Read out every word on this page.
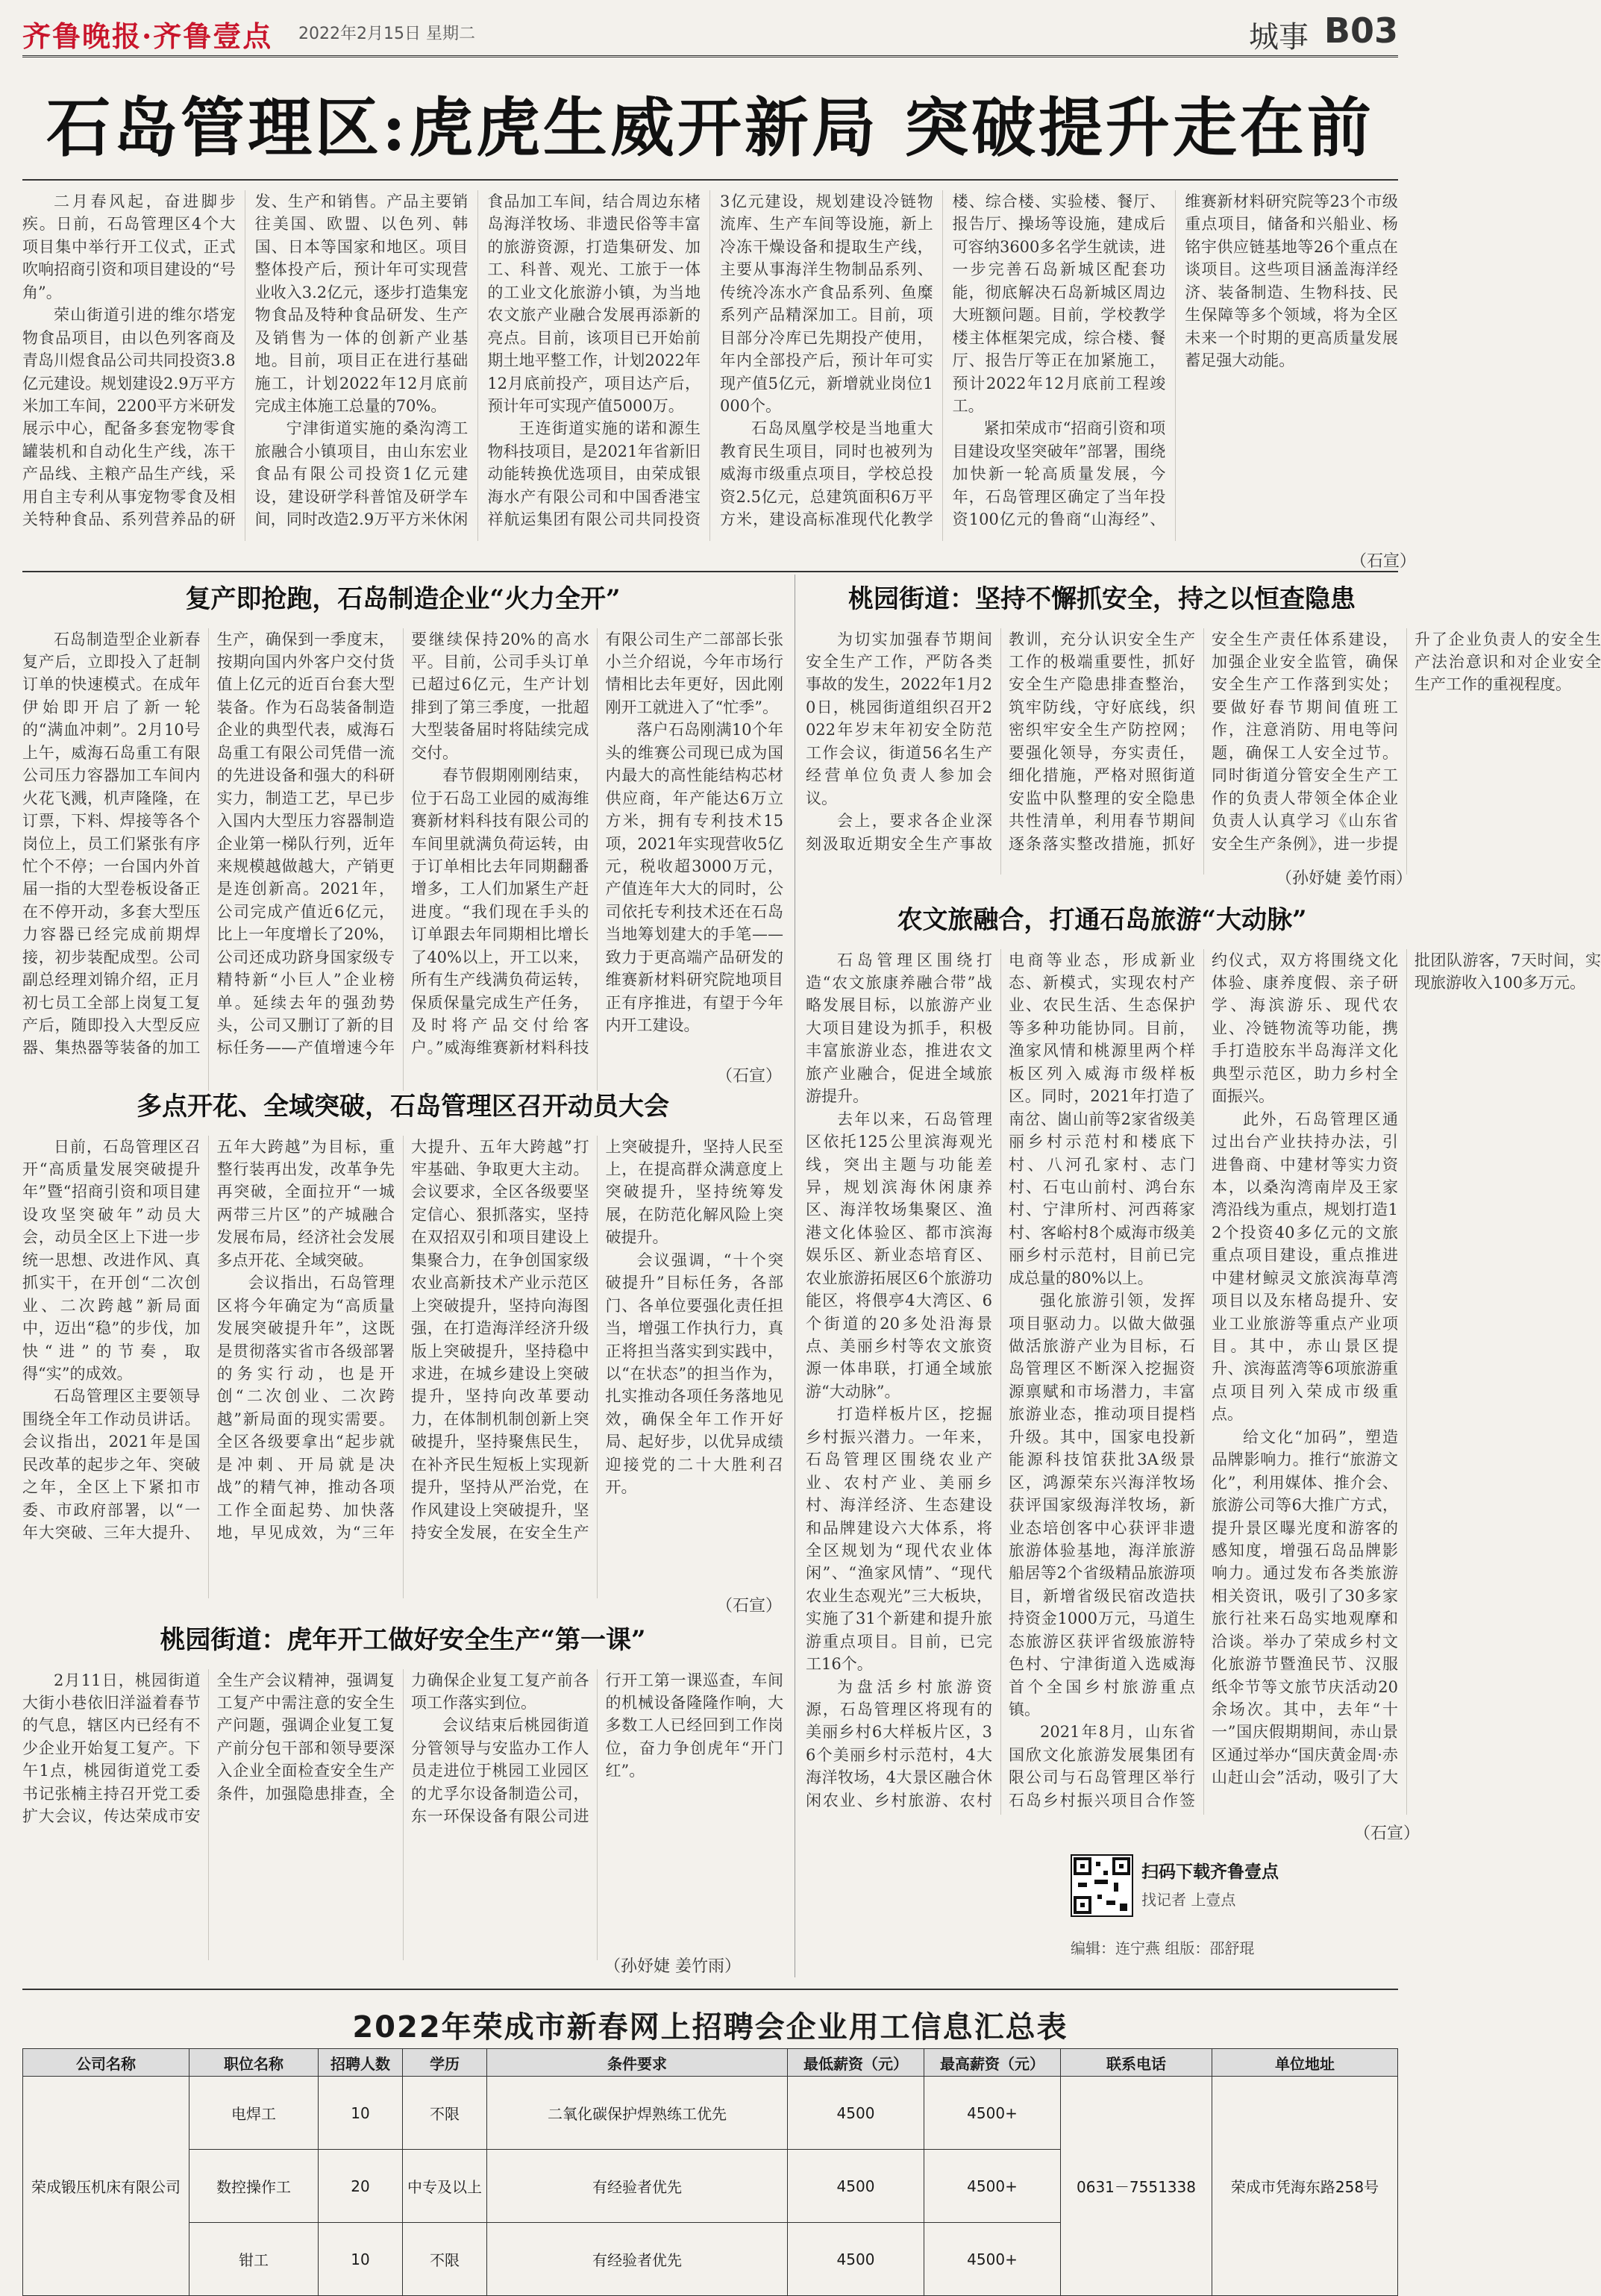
齐鲁晚报·齐鲁壹点 2022年2月15日 星期二	城事 B03
石岛管理区:虎虎生威开新局 突破提升走在前

二月春风起，奋进脚步疾。日前，石岛管理区4个大项目集中举行开工仪式，正式吹响招商引资和项目建设的“号角”。

荣山街道引进的维尔塔宠物食品项目，由以色列客商及青岛川煜食品公司共同投资3.8亿元建设。规划建设2.9万平方米加工车间，2200平方米研发展示中心，配备多套宠物零食罐装机和自动化生产线，冻干产品线、主粮产品生产线，采用自主专利从事宠物零食及相关特种食品、系列营养品的研发、生产和销售。产品主要销往美国、欧盟、以色列、韩国、日本等国家和地区。项目整体投产后，预计年可实现营业收入3.2亿元，逐步打造集宠物食品及特种食品研发、生产及销售为一体的创新产业基地。目前，项目正在进行基础施工，计划2022年12月底前完成主体施工总量的70%。

宁津街道实施的桑沟湾工旅融合小镇项目，由山东宏业食品有限公司投资1亿元建设，建设研学科普馆及研学车间，同时改造2.9万平方米休闲食品加工车间，结合周边东楮岛海洋牧场、非遗民俗等丰富的旅游资源，打造集研发、加工、科普、观光、工旅于一体的工业文化旅游小镇，为当地农文旅产业融合发展再添新的亮点。目前，该项目已开始前期土地平整工作，计划2022年12月底前投产，项目达产后，预计年可实现产值5000万。

王连街道实施的诺和源生物科技项目，是2021年省新旧动能转换优选项目，由荣成银海水产有限公司和中国香港宝祥航运集团有限公司共同投资3亿元建设，规划建设冷链物流库、生产车间等设施，新上冷冻干燥设备和提取生产线，主要从事海洋生物制品系列、传统冷冻水产食品系列、鱼糜系列产品精深加工。目前，项目部分冷库已先期投产使用，年内全部投产后，预计年可实现产值5亿元，新增就业岗位1000个。

石岛凤凰学校是当地重大教育民生项目，同时也被列为威海市级重点项目，学校总投资2.5亿元，总建筑面积6万平方米，建设高标准现代化教学楼、综合楼、实验楼、餐厅、报告厅、操场等设施，建成后可容纳3600多名学生就读，进一步完善石岛新城区配套功能，彻底解决石岛新城区周边大班额问题。目前，学校教学楼主体框架完成，综合楼、餐厅、报告厅等正在加紧施工，预计2022年12月底前工程竣工。

紧扣荣成市“招商引资和项目建设攻坚突破年”部署，围绕加快新一轮高质量发展，今年，石岛管理区确定了当年投资100亿元的鲁商“山海经”、维赛新材料研究院等23个市级重点项目，储备和兴船业、杨铭宇供应链基地等26个重点在谈项目。这些项目涵盖海洋经济、装备制造、生物科技、民生保障等多个领域，将为全区未来一个时期的更高质量发展蓄足强大动能。

（石宣）
复产即抢跑，石岛制造企业“火力全开”

石岛制造型企业新春复产后，立即投入了赶制订单的快速模式。在成年伊始即开启了新一轮的“满血冲刺”。2月10号上午，威海石岛重工有限公司压力容器加工车间内火花飞溅，机声隆隆，在订票，下料、焊接等各个岗位上，员工们紧张有序忙个不停；一台国内外首届一指的大型卷板设备正在不停开动，多套大型压力容器已经完成前期焊接，初步装配成型。公司副总经理刘锦介绍，正月初七员工全部上岗复工复产后，随即投入大型反应器、集热器等装备的加工生产，确保到一季度末，按期向国内外客户交付货值上亿元的近百台套大型装备。作为石岛装备制造企业的典型代表，威海石岛重工有限公司凭借一流的先进设备和强大的科研实力，制造工艺，早已步入国内大型压力容器制造企业第一梯队行列，近年来规模越做越大，产销更是连创新高。2021年，公司完成产值近6亿元，比上一年度增长了20%，公司还成功跻身国家级专精特新“小巨人”企业榜单。延续去年的强劲势头，公司又删订了新的目标任务——产值增速今年要继续保持20%的高水平。目前，公司手头订单已超过6亿元，生产计划排到了第三季度，一批超大型装备届时将陆续完成交付。

春节假期刚刚结束，位于石岛工业园的威海维赛新材料科技有限公司的车间里就满负荷运转，由于订单相比去年同期翻番增多，工人们加紧生产赶进度。“我们现在手头的订单跟去年同期相比增长了40%以上，开工以来，所有生产线满负荷运转，保质保量完成生产任务，及时将产品交付给客户。”威海维赛新材料科技有限公司生产二部部长张小兰介绍说，今年市场行情相比去年更好，因此刚刚开工就进入了“忙季”。

落户石岛刚满10个年头的维赛公司现已成为国内最大的高性能结构芯材供应商，年产能达6万立方米，拥有专利技术15项，2021年实现营收5亿元，税收超3000万元，产值连年大大的同时，公司依托专利技术还在石岛当地筹划建大的手笔——致力于更高端产品研发的维赛新材料研究院地项目正有序推进，有望于今年内开工建设。

（石宣）
桃园街道：坚持不懈抓安全，持之以恒查隐患

为切实加强春节期间安全生产工作，严防各类事故的发生，2022年1月20日，桃园街道组织召开2022年岁末年初安全防范工作会议，街道56名生产经营单位负责人参加会议。

会上，要求各企业深刻汲取近期安全生产事故教训，充分认识安全生产工作的极端重要性，抓好安全生产隐患排查整治，筑牢防线，守好底线，织密织牢安全生产防控网；要强化领导，夯实责任，细化措施，严格对照街道安监中队整理的安全隐患共性清单，利用春节期间逐条落实整改措施，抓好安全生产责任体系建设，加强企业安全监管，确保安全生产工作落到实处；要做好春节期间值班工作，注意消防、用电等问题，确保工人安全过节。同时街道分管安全生产工作的负责人带领全体企业负责人认真学习《山东省安全生产条例》，进一步提升了企业负责人的安全生产法治意识和对企业安全生产工作的重视程度。

（孙妤婕 姜竹雨）
农文旅融合，打通石岛旅游“大动脉”

石岛管理区围绕打造“农文旅康养融合带”战略发展目标，以旅游产业大项目建设为抓手，积极丰富旅游业态，推进农文旅产业融合，促进全域旅游提升。

去年以来，石岛管理区依托125公里滨海观光线，突出主题与功能差异，规划滨海休闲康养区、海洋牧场集聚区、渔港文化体验区、都市滨海娱乐区、新业态培育区、农业旅游拓展区6个旅游功能区，将偎亭4大湾区、6个街道的20多处沿海景点、美丽乡村等农文旅资源一体串联，打通全域旅游“大动脉”。

打造样板片区，挖掘乡村振兴潜力。一年来，石岛管理区围绕农业产业、农村产业、美丽乡村、海洋经济、生态建设和品牌建设六大体系，将全区规划为“现代农业体闲”、“渔家风情”、“现代农业生态观光”三大板块，实施了31个新建和提升旅游重点项目。目前，已完工16个。

为盘活乡村旅游资源，石岛管理区将现有的美丽乡村6大样板片区，36个美丽乡村示范村，4大海洋牧场，4大景区融合休闲农业、乡村旅游、农村电商等业态，形成新业态、新模式，实现农村产业、农民生活、生态保护等多种功能协同。目前，渔家风情和桃源里两个样板区列入威海市级样板区。同时，2021年打造了南岔、崮山前等2家省级美丽乡村示范村和楼底下村、八河孔家村、志门村、石屯山前村、鸿台东村、宁津所村、河西蒋家村、客峪村8个威海市级美丽乡村示范村，目前已完成总量的80%以上。

强化旅游引领，发挥项目驱动力。以做大做强做活旅游产业为目标，石岛管理区不断深入挖掘资源禀赋和市场潜力，丰富旅游业态，推动项目提档升级。其中，国家电投新能源科技馆获批3A级景区，鸿源荣东兴海洋牧场获评国家级海洋牧场，新业态培创客中心获评非遗旅游体验基地，海洋旅游船居等2个省级精品旅游项目，新增省级民宿改造扶持资金1000万元，马道生态旅游区获评省级旅游特色村、宁津街道入选威海首个全国乡村旅游重点镇。

2021年8月，山东省国欣文化旅游发展集团有限公司与石岛管理区举行石岛乡村振兴项目合作签约仪式，双方将围绕文化体验、康养度假、亲子研学、海滨游乐、现代农业、冷链物流等功能，携手打造胶东半岛海洋文化典型示范区，助力乡村全面振兴。

此外，石岛管理区通过出台产业扶持办法，引进鲁商、中建材等实力资本，以桑沟湾南岸及王家湾沿线为重点，规划打造12个投资40多亿元的文旅重点项目建设，重点推进中建材鲸灵文旅滨海草湾项目以及东楮岛提升、安业工业旅游等重点产业项目。其中，赤山景区提升、滨海蓝湾等6项旅游重点项目列入荣成市级重点。

给文化“加码”，塑造品牌影响力。推行“旅游文化”，利用媒体、推介会、旅游公司等6大推广方式，提升景区曝光度和游客的感知度，增强石岛品牌影响力。通过发布各类旅游相关资讯，吸引了30多家旅行社来石岛实地观摩和洽谈。举办了荣成乡村文化旅游节暨渔民节、汉服纸伞节等文旅节庆活动20余场次。其中，去年“十一”国庆假期期间，赤山景区通过举办“国庆黄金周·赤山赶山会”活动，吸引了大批团队游客，7天时间，实现旅游收入100多万元。

（石宣）
多点开花、全域突破，石岛管理区召开动员大会

日前，石岛管理区召开“高质量发展突破提升年”暨“招商引资和项目建设攻坚突破年”动员大会，动员全区上下进一步统一思想、改进作风、真抓实干，在开创“二次创业、二次跨越”新局面中，迈出“稳”的步伐，加快“进”的节奏，取得“实”的成效。

石岛管理区主要领导围绕全年工作动员讲话。会议指出，2021年是国民改革的起步之年、突破之年，全区上下紧扣市委、市政府部署，以“一年大突破、三年大提升、五年大跨越”为目标，重整行装再出发，改革争先再突破，全面拉开“一城两带三片区”的产城融合发展布局，经济社会发展多点开花、全域突破。

会议指出，石岛管理区将今年确定为“高质量发展突破提升年”，这既是贯彻落实省市各级部署的务实行动，也是开创“二次创业、二次跨越”新局面的现实需要。全区各级要拿出“起步就是冲刺、开局就是决战”的精气神，推动各项工作全面起势、加快落地，早见成效，为“三年大提升、五年大跨越”打牢基础、争取更大主动。会议要求，全区各级要坚定信心、狠抓落实，坚持在双招双引和项目建设上集聚合力，在争创国家级农业高新技术产业示范区上突破提升，坚持向海图强，在打造海洋经济升级版上突破提升，坚持稳中求进，在城乡建设上突破提升，坚持向改革要动力，在体制机制创新上突破提升，坚持聚焦民生，在补齐民生短板上实现新提升，坚持从严治党，在作风建设上突破提升，坚持安全发展，在安全生产上突破提升，坚持人民至上，在提高群众满意度上突破提升，坚持统筹发展，在防范化解风险上突破提升。

会议强调，“十个突破提升”目标任务，各部门、各单位要强化责任担当，增强工作执行力，真正将担当落实到实践中，以“在状态”的担当作为，扎实推动各项任务落地见效，确保全年工作开好局、起好步，以优异成绩迎接党的二十大胜利召开。

（石宣）
桃园街道：虎年开工做好安全生产“第一课”

2月11日，桃园街道大街小巷依旧洋溢着春节的气息，辖区内已经有不少企业开始复工复产。下午1点，桃园街道党工委书记张楠主持召开党工委扩大会议，传达荣成市安全生产会议精神，强调复工复产中需注意的安全生产问题，强调企业复工复产前分包干部和领导要深入企业全面检查安全生产条件，加强隐患排查，全力确保企业复工复产前各项工作落实到位。

会议结束后桃园街道分管领导与安监办工作人员走进位于桃园工业园区的尤孚尔设备制造公司，东一环保设备有限公司进行开工第一课巡查，车间的机械设备隆隆作响，大多数工人已经回到工作岗位，奋力争创虎年“开门红”。

（孙妤婕 姜竹雨）
扫码下载齐鲁壹点
找记者 上壹点
编辑：连宁燕 组版：邵舒琨
2022年荣成市新春网上招聘会企业用工信息汇总表
公司名称	职位名称	招聘人数	学历	条件要求	最低薪资（元）	最高薪资（元）	联系电话	单位地址
荣成锻压机床有限公司	电焊工	10	不限	二氧化碳保护焊熟练工优先	4500	4500+	0631－7551338	荣成市凭海东路258号
	数控操作工	20	中专及以上	有经验者优先	4500	4500+		
	钳工	10	不限	有经验者优先	4500	4500+		
